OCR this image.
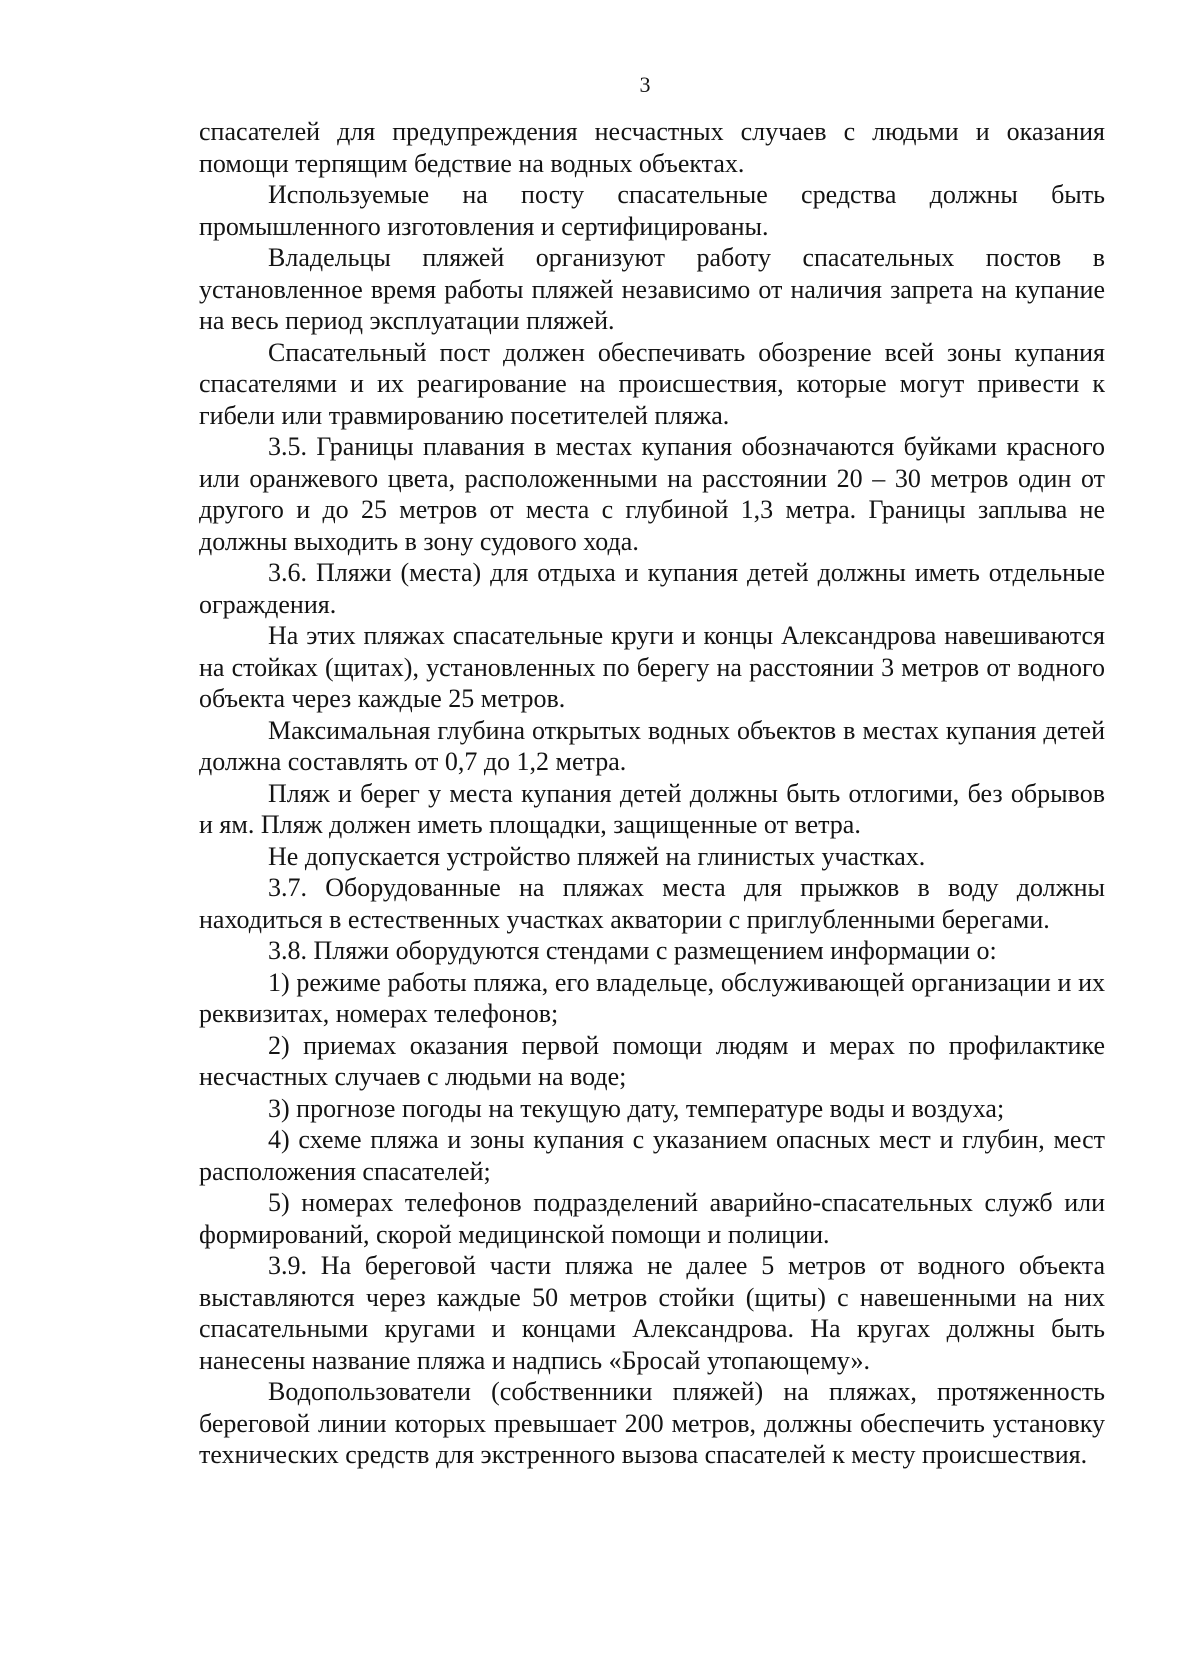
3

спасателей для предупреждения несчастных случаев с людьми и оказания помощи терпящим бедствие на водных объектах.

Используемые на посту спасательные средства должны быть промышленного изготовления и сертифицированы.

Владельцы пляжей организуют работу спасательных постов в установленное время работы пляжей независимо от наличия запрета на купание на весь период эксплуатации пляжей.

Спасательный пост должен обеспечивать обозрение всей зоны купания спасателями и их реагирование на происшествия, которые могут привести к гибели или травмированию посетителей пляжа.

3.5. Границы плавания в местах купания обозначаются буйками красного или оранжевого цвета, расположенными на расстоянии 20 – 30 метров один от другого и до 25 метров от места с глубиной 1,3 метра. Границы заплыва не должны выходить в зону судового хода.

3.6. Пляжи (места) для отдыха и купания детей должны иметь отдельные ограждения.

На этих пляжах спасательные круги и концы Александрова навешиваются на стойках (щитах), установленных по берегу на расстоянии 3 метров от водного объекта через каждые 25 метров.

Максимальная глубина открытых водных объектов в местах купания детей должна составлять от 0,7 до 1,2 метра.

Пляж и берег у места купания детей должны быть отлогими, без обрывов и ям. Пляж должен иметь площадки, защищенные от ветра.

Не допускается устройство пляжей на глинистых участках.

3.7. Оборудованные на пляжах места для прыжков в воду должны находиться в естественных участках акватории с приглубленными берегами.

3.8. Пляжи оборудуются стендами с размещением информации о:

1) режиме работы пляжа, его владельце, обслуживающей организации и их реквизитах, номерах телефонов;

2) приемах оказания первой помощи людям и мерах по профилактике несчастных случаев с людьми на воде;

3) прогнозе погоды на текущую дату, температуре воды и воздуха;

4) схеме пляжа и зоны купания с указанием опасных мест и глубин, мест расположения спасателей;

5) номерах телефонов подразделений аварийно-спасательных служб или формирований, скорой медицинской помощи и полиции.

3.9. На береговой части пляжа не далее 5 метров от водного объекта выставляются через каждые 50 метров стойки (щиты) с навешенными на них спасательными кругами и концами Александрова. На кругах должны быть нанесены название пляжа и надпись «Бросай утопающему».

Водопользователи (собственники пляжей) на пляжах, протяженность береговой линии которых превышает 200 метров, должны обеспечить установку технических средств для экстренного вызова спасателей к месту происшествия.
